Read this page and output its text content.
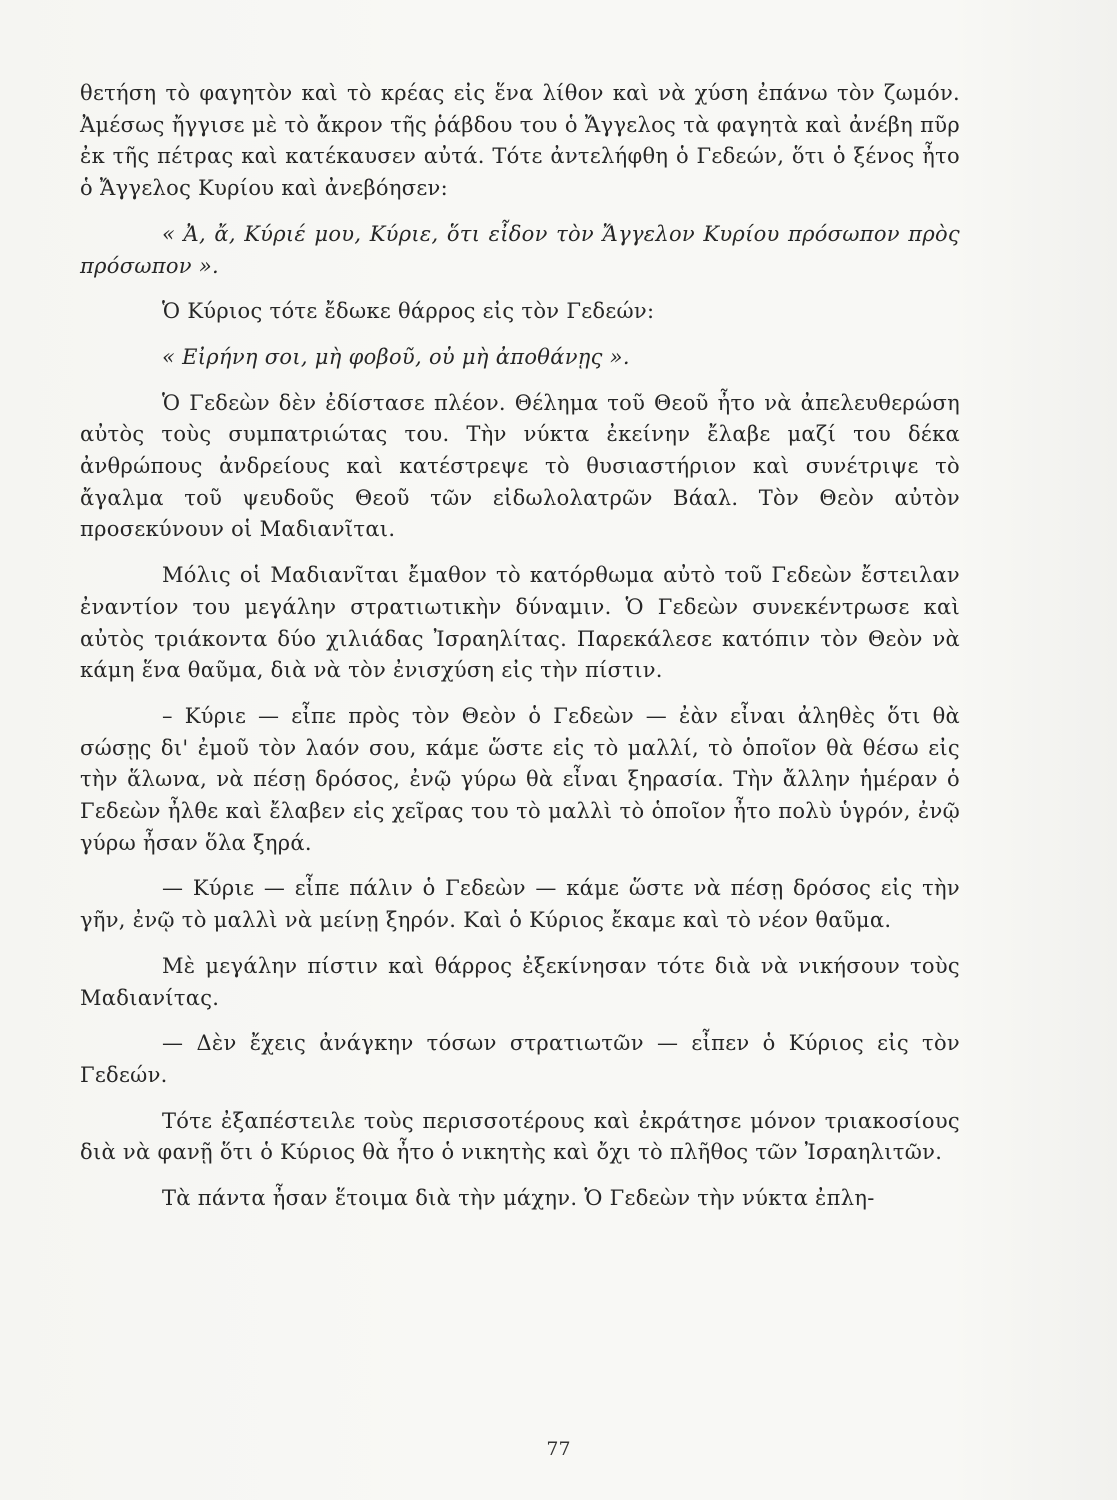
θετήση τὸ φαγητὸν καὶ τὸ κρέας εἰς ἕνα λίθον καὶ νὰ χύση ἐπάνω τὸν ζωμόν. Ἀμέσως ἤγγισε μὲ τὸ ἄκρον τῆς ῥάβδου του ὁ Ἄγγελος τὰ φαγητὰ καὶ ἀνέβη πῦρ ἐκ τῆς πέτρας καὶ κατέκαυσεν αὐτά. Τότε ἀντελήφθη ὁ Γεδεών, ὅτι ὁ ξένος ἦτο ὁ Ἄγγελος Κυρίου καὶ ἀνεβόησεν:

« Ἀ, ἄ, Κύριέ μου, Κύριε, ὅτι εἶδον τὸν Ἄγγελον Κυρίου πρόσωπον πρὸς πρόσωπον ».

Ὁ Κύριος τότε ἔδωκε θάρρος εἰς τὸν Γεδεών:

« Εἰρήνη σοι, μὴ φοβοῦ, οὐ μὴ ἀποθάνῃς ».

Ὁ Γεδεὼν δὲν ἐδίστασε πλέον. Θέλημα τοῦ Θεοῦ ἦτο νὰ ἀπελευθερώση αὐτὸς τοὺς συμπατριώτας του. Τὴν νύκτα ἐκείνην ἔλαβε μαζί του δέκα ἀνθρώπους ἀνδρείους καὶ κατέστρεψε τὸ θυσιαστήριον καὶ συνέτριψε τὸ ἄγαλμα τοῦ ψευδοῦς Θεοῦ τῶν εἰδωλολατρῶν Βάαλ. Τὸν Θεὸν αὐτὸν προσεκύνουν οἱ Μαδιανῖται.

Μόλις οἱ Μαδιανῖται ἔμαθον τὸ κατόρθωμα αὐτὸ τοῦ Γεδεὼν ἔστειλαν ἐναντίον του μεγάλην στρατιωτικὴν δύναμιν. Ὁ Γεδεὼν συνεκέντρωσε καὶ αὐτὸς τριάκοντα δύο χιλιάδας Ἰσραηλίτας. Παρεκάλεσε κατόπιν τὸν Θεὸν νὰ κάμη ἕνα θαῦμα, διὰ νὰ τὸν ἐνισχύση εἰς τὴν πίστιν.

– Κύριε — εἶπε πρὸς τὸν Θεὸν ὁ Γεδεὼν — ἐὰν εἶναι ἀληθὲς ὅτι θὰ σώσῃς δι' ἐμοῦ τὸν λαόν σου, κάμε ὥστε εἰς τὸ μαλλί, τὸ ὁποῖον θὰ θέσω εἰς τὴν ἅλωνα, νὰ πέσῃ δρόσος, ἐνῷ γύρω θὰ εἶναι ξηρασία. Τὴν ἄλλην ἡμέραν ὁ Γεδεὼν ἦλθε καὶ ἔλαβεν εἰς χεῖρας του τὸ μαλλὶ τὸ ὁποῖον ἦτο πολὺ ὑγρόν, ἐνῷ γύρω ἦσαν ὅλα ξηρά.

— Κύριε — εἶπε πάλιν ὁ Γεδεὼν — κάμε ὥστε νὰ πέσῃ δρόσος εἰς τὴν γῆν, ἐνῷ τὸ μαλλὶ νὰ μείνῃ ξηρόν. Καὶ ὁ Κύριος ἔκαμε καὶ τὸ νέον θαῦμα.

Μὲ μεγάλην πίστιν καὶ θάρρος ἐξεκίνησαν τότε διὰ νὰ νικήσουν τοὺς Μαδιανίτας.

— Δὲν ἔχεις ἀνάγκην τόσων στρατιωτῶν — εἶπεν ὁ Κύριος εἰς τὸν Γεδεών.

Τότε ἐξαπέστειλε τοὺς περισσοτέρους καὶ ἐκράτησε μόνον τριακοσίους διὰ νὰ φανῇ ὅτι ὁ Κύριος θὰ ἦτο ὁ νικητὴς καὶ ὄχι τὸ πλῆθος τῶν Ἰσραηλιτῶν.

Τὰ πάντα ἦσαν ἕτοιμα διὰ τὴν μάχην. Ὁ Γεδεὼν τὴν νύκτα ἐπλη-

77
